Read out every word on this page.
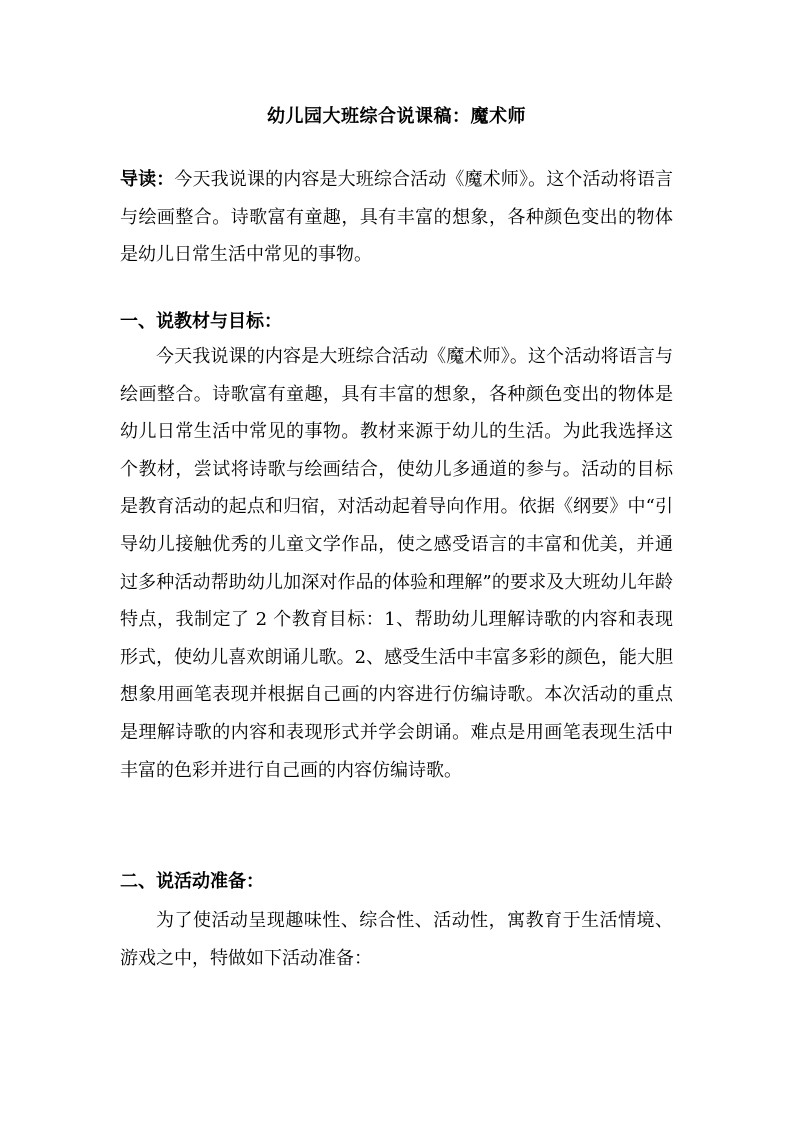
幼儿园大班综合说课稿：魔术师

导读：今天我说课的内容是大班综合活动《魔术师》。这个活动将语言与绘画整合。诗歌富有童趣，具有丰富的想象，各种颜色变出的物体是幼儿日常生活中常见的事物。

一、说教材与目标：

今天我说课的内容是大班综合活动《魔术师》。这个活动将语言与绘画整合。诗歌富有童趣，具有丰富的想象，各种颜色变出的物体是幼儿日常生活中常见的事物。教材来源于幼儿的生活。为此我选择这个教材，尝试将诗歌与绘画结合，使幼儿多通道的参与。活动的目标是教育活动的起点和归宿，对活动起着导向作用。依据《纲要》中“引导幼儿接触优秀的儿童文学作品，使之感受语言的丰富和优美，并通过多种活动帮助幼儿加深对作品的体验和理解”的要求及大班幼儿年龄特点，我制定了 2 个教育目标：1、帮助幼儿理解诗歌的内容和表现形式，使幼儿喜欢朗诵儿歌。2、感受生活中丰富多彩的颜色，能大胆想象用画笔表现并根据自己画的内容进行仿编诗歌。本次活动的重点是理解诗歌的内容和表现形式并学会朗诵。难点是用画笔表现生活中丰富的色彩并进行自己画的内容仿编诗歌。

二、说活动准备：

为了使活动呈现趣味性、综合性、活动性，寓教育于生活情境、游戏之中，特做如下活动准备：
